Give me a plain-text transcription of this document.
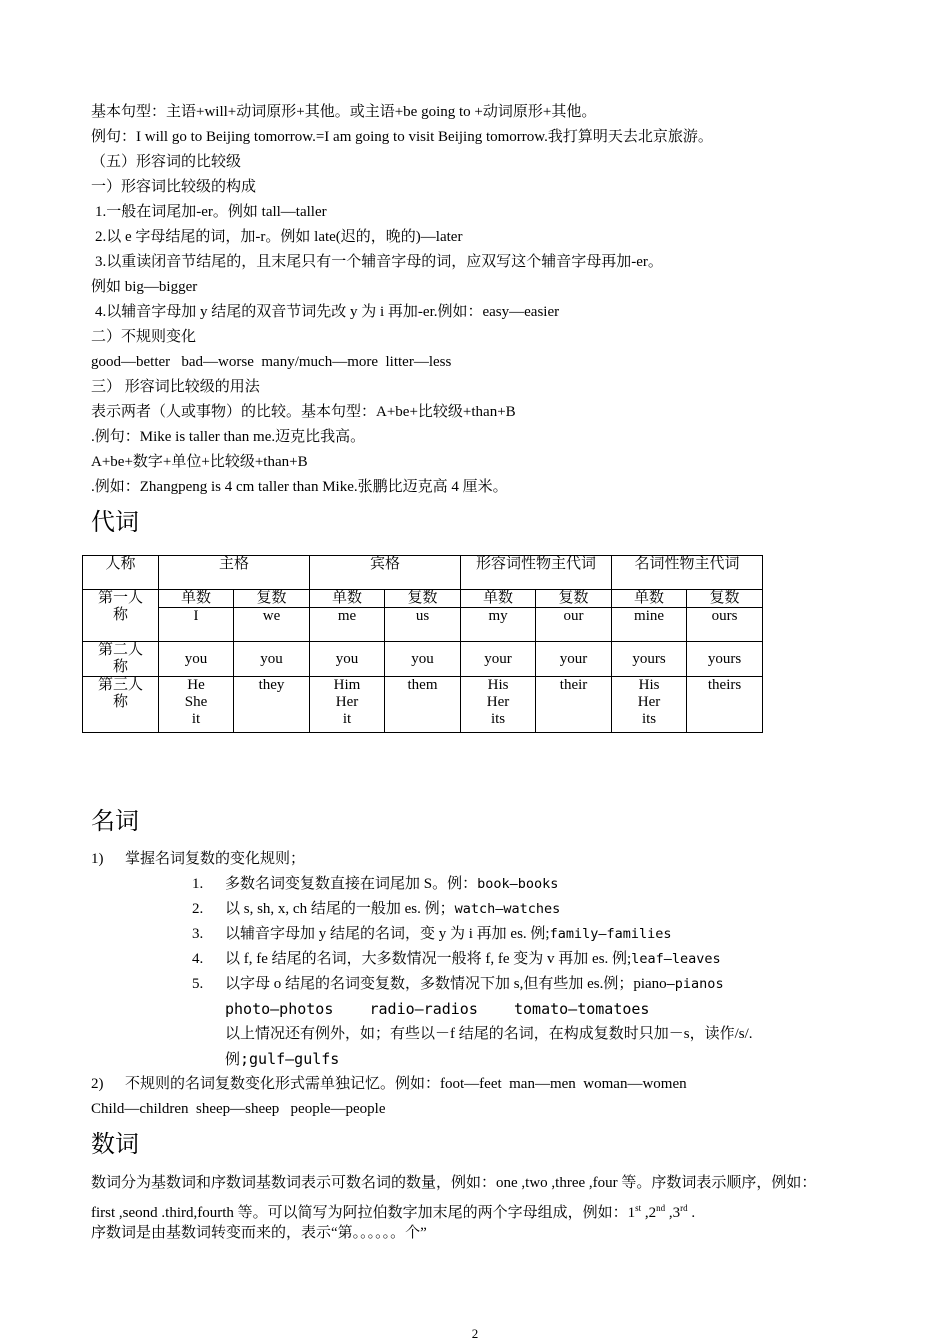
基本句型：主语+will+动词原形+其他。或主语+be going to +动词原形+其他。
例句：I will go to Beijing tomorrow.=I am going to visit Beijing tomorrow.我打算明天去北京旅游。
（五）形容词的比较级
一）形容词比较级的构成
1.一般在词尾加-er。例如 tall—taller
2.以 e 字母结尾的词，加-r。例如 late(迟的，晚的)—later
3.以重读闭音节结尾的，且末尾只有一个辅音字母的词，应双写这个辅音字母再加-er。
例如 big—bigger
4.以辅音字母加 y 结尾的双音节词先改 y 为 i 再加-er.例如：easy—easier
二）不规则变化
good—better   bad—worse  many/much—more  litter—less
三） 形容词比较级的用法
表示两者（人或事物）的比较。基本句型：A+be+比较级+than+B
.例句：Mike is taller than me.迈克比我高。
A+be+数字+单位+比较级+than+B
.例如：Zhangpeng is 4 cm taller than Mike.张鹏比迈克高 4 厘米。
代词
人称	主格		宾格		形容词性物主代词		名词性物主代词	
第一人称	单数	复数	单数	复数	单数	复数	单数	复数
	I	we	me	us	my	our	mine	ours
第二人称	you	you	you	you	your	your	yours	yours
第三人称	He
She
it	they	Him
Her
it	them	His
Her
its	their	His
Her
its	theirs
名词
1) 掌握名词复数的变化规则；
1. 多数名词变复数直接在词尾加 S。例：book—books
2. 以 s, sh, x, ch 结尾的一般加 es. 例；watch—watches
3. 以辅音字母加 y 结尾的名词，变 y 为 i 再加 es. 例;family—families
4. 以 f, fe 结尾的名词，大多数情况一般将 f, fe 变为 v 再加 es. 例;leaf—leaves
5. 以字母 o 结尾的名词变复数，多数情况下加 s,但有些加 es.例；piano—pianos
photo—photos    radio—radios    tomato—tomatoes
以上情况还有例外，如；有些以－f 结尾的名词，在构成复数时只加－s，读作/s/.
例;gulf—gulfs
2) 不规则的名词复数变化形式需单独记忆。例如：foot—feet  man—men  woman—women
Child—children  sheep—sheep   people—people
数词
数词分为基数词和序数词基数词表示可数名词的数量，例如：one ,two ,three ,four 等。序数词表示顺序，例如：
first ,seond .third,fourth 等。可以简写为阿拉伯数字加末尾的两个字母组成，例如：1st ,2nd ,3rd .
序数词是由基数词转变而来的，表示“第。。。。。。个”
2
